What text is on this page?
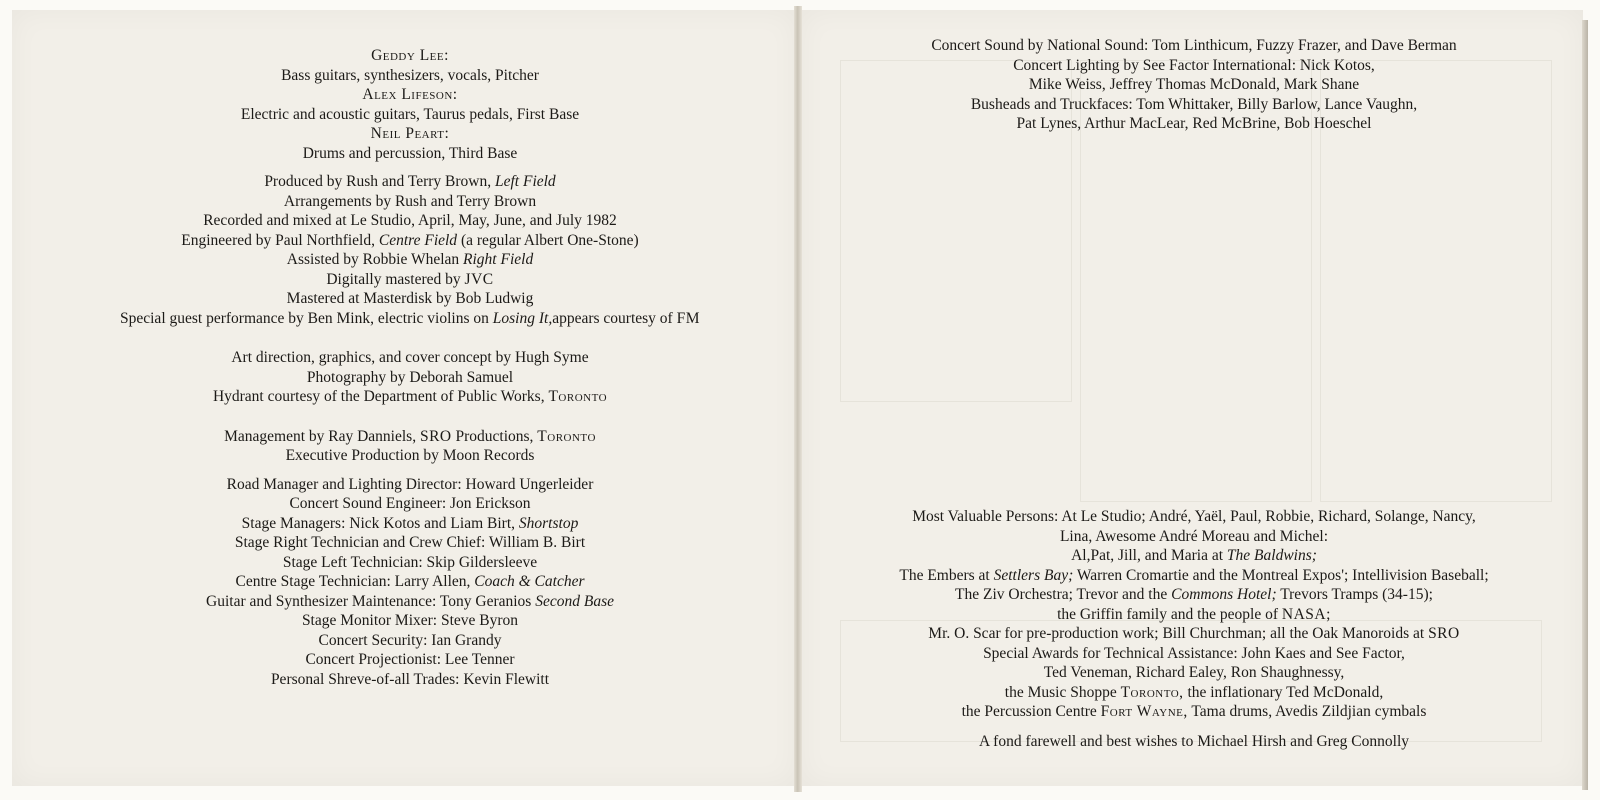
Geddy Lee:
Bass guitars, synthesizers, vocals, Pitcher
Alex Lifeson:
Electric and acoustic guitars, Taurus pedals, First Base
Neil Peart:
Drums and percussion, Third Base
Produced by Rush and Terry Brown, Left Field
Arrangements by Rush and Terry Brown
Recorded and mixed at Le Studio, April, May, June, and July 1982
Engineered by Paul Northfield, Centre Field (a regular Albert One-Stone)
Assisted by Robbie Whelan Right Field
Digitally mastered by JVC
Mastered at Masterdisk by Bob Ludwig
Special guest performance by Ben Mink, electric violins on Losing It,appears courtesy of FM
Art direction, graphics, and cover concept by Hugh Syme
Photography by Deborah Samuel
Hydrant courtesy of the Department of Public Works, Toronto
Management by Ray Danniels, SRO Productions, Toronto
Executive Production by Moon Records
Road Manager and Lighting Director: Howard Ungerleider
Concert Sound Engineer: Jon Erickson
Stage Managers: Nick Kotos and Liam Birt, Shortstop
Stage Right Technician and Crew Chief: William B. Birt
Stage Left Technician: Skip Gildersleeve
Centre Stage Technician: Larry Allen, Coach & Catcher
Guitar and Synthesizer Maintenance: Tony Geranios Second Base
Stage Monitor Mixer: Steve Byron
Concert Security: Ian Grandy
Concert Projectionist: Lee Tenner
Personal Shreve-of-all Trades: Kevin Flewitt
Concert Sound by National Sound: Tom Linthicum, Fuzzy Frazer, and Dave Berman
Concert Lighting by See Factor International: Nick Kotos,
Mike Weiss, Jeffrey Thomas McDonald, Mark Shane
Busheads and Truckfaces: Tom Whittaker, Billy Barlow, Lance Vaughn,
Pat Lynes, Arthur MacLear, Red McBrine, Bob Hoeschel
Most Valuable Persons: At Le Studio; André, Yaël, Paul, Robbie, Richard, Solange, Nancy,
Lina, Awesome André Moreau and Michel:
Al,Pat, Jill, and Maria at The Baldwins;
The Embers at Settlers Bay; Warren Cromartie and the Montreal Expos'; Intellivision Baseball;
The Ziv Orchestra; Trevor and the Commons Hotel; Trevors Tramps (34-15);
the Griffin family and the people of NASA;
Mr. O. Scar for pre-production work; Bill Churchman; all the Oak Manoroids at SRO
Special Awards for Technical Assistance: John Kaes and See Factor,
Ted Veneman, Richard Ealey, Ron Shaughnessy,
the Music Shoppe Toronto, the inflationary Ted McDonald,
the Percussion Centre Fort Wayne, Tama drums, Avedis Zildjian cymbals
A fond farewell and best wishes to Michael Hirsh and Greg Connolly
